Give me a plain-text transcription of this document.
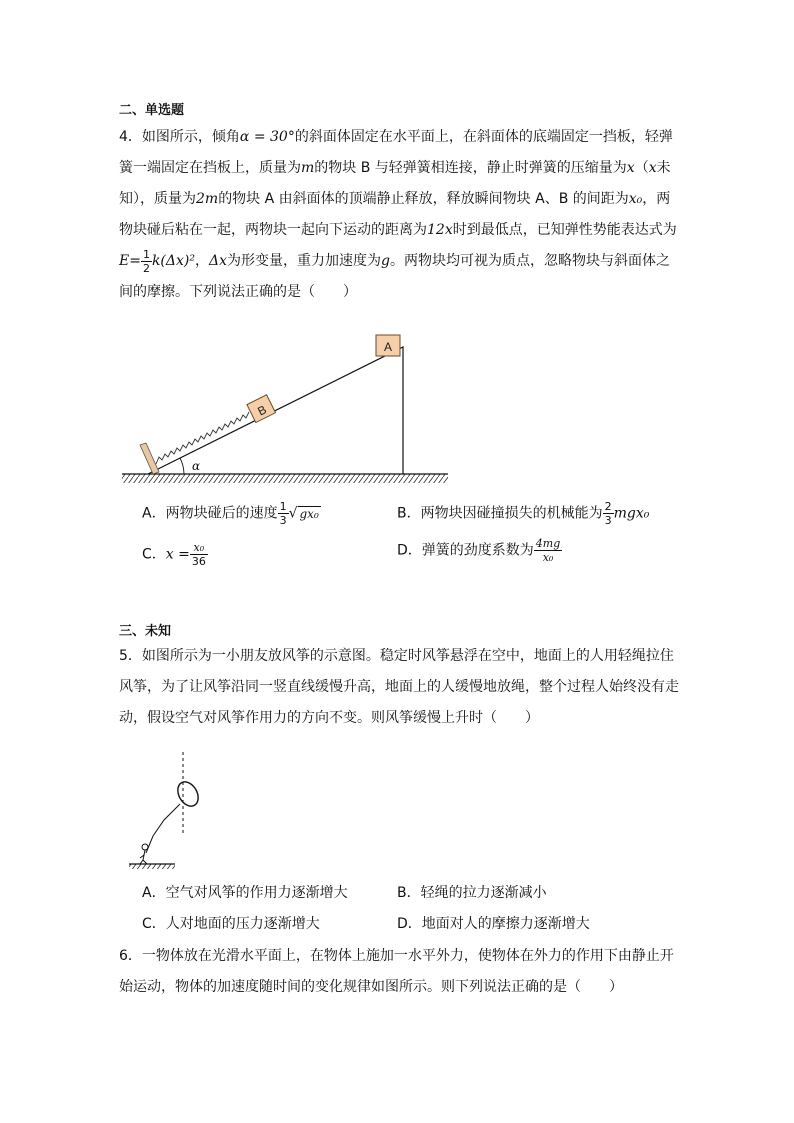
二、单选题

4．如图所示，倾角α = 30°的斜面体固定在水平面上，在斜面体的底端固定一挡板，轻弹簧一端固定在挡板上，质量为m的物块 B 与轻弹簧相连接，静止时弹簧的压缩量为x（x未知），质量为2m的物块 A 由斜面体的顶端静止释放，释放瞬间物块 A、B 的间距为x₀，两物块碰后粘在一起，两物块一起向下运动的距离为12x时到最低点，已知弹性势能表达式为$E= \frac{1}{2} k(\Delta x)^2$，Δx为形变量，重力加速度为g。两物块均可视为质点，忽略物块与斜面体之间的摩擦。下列说法正确的是（　　）

B
A
α
A．两物块碰后的速度 $\frac{1}{3}$ √ gx₀	B．两物块因碰撞损失的机械能为 $\frac{2}{3} mgx_0$
C．$x = \frac{\text{x₀}}{36}$	D．弹簧的劲度系数为 $\frac{4mg}{\text{x₀}}$
三、未知

5．如图所示为一小朋友放风筝的示意图。稳定时风筝悬浮在空中，地面上的人用轻绳拉住风筝，为了让风筝沿同一竖直线缓慢升高，地面上的人缓慢地放绳，整个过程人始终没有走动，假设空气对风筝作用力的方向不变。则风筝缓慢上升时（　　）

A．空气对风筝的作用力逐渐增大	B．轻绳的拉力逐渐减小
C．人对地面的压力逐渐增大	D．地面对人的摩擦力逐渐增大

6．一物体放在光滑水平面上，在物体上施加一水平外力，使物体在外力的作用下由静止开始运动，物体的加速度随时间的变化规律如图所示。则下列说法正确的是（　　）
